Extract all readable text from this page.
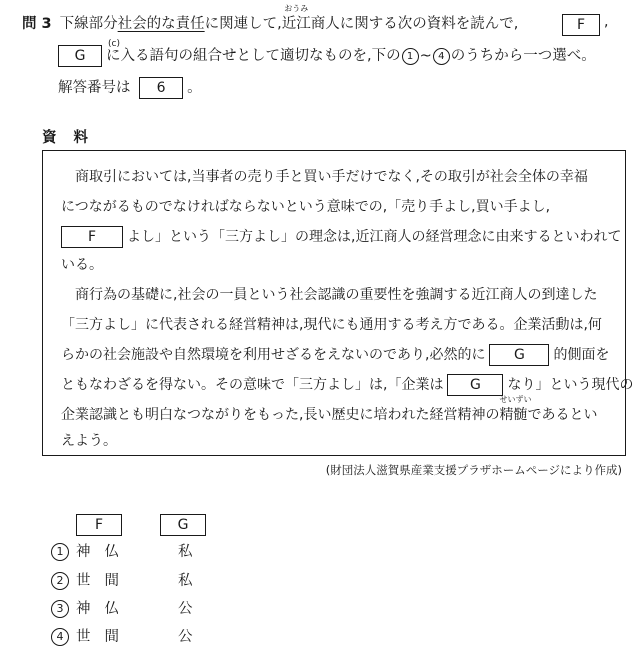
問 3 下線部分社会的な責任に関連して,
おうみ
近江商人に関する次の資料を読んで,	F	,
G に入る語句の組合せとして適切なものを,下の 1 ~ 4 のうちから一つ選べ。
(c)
解答番号は 6 。
資 料
商取引においては,当事者の売り手と買い手だけでなく,その取引が社会全体の幸福
につながるものでなければならないという意味での,「売り手よし,買い手よし,
F よし」という「三方よし」の理念は,近江商人の経営理念に由来するといわれて
いる。
商行為の基礎に,社会の一員という社会認識の重要性を強調する近江商人の到達した
「三方よし」に代表される経営精神は,現代にも通用する考え方である。企業活動は,何
らかの社会施設や自然環境を利用せざるをえないのであり,必然的に G 的側面を
ともなわざるを得ない。その意味で「三方よし」は,「企業は G なり」という現代の
企業認識とも明白なつながりをもった,長い歴史に培われた経営精神の
せいずい
精髄であるとい
えよう。
(財団法人滋賀県産業支援プラザホームページにより作成)
F	G
1 神仏	私
2 世間	私
3 神仏	公
4 世間	公
